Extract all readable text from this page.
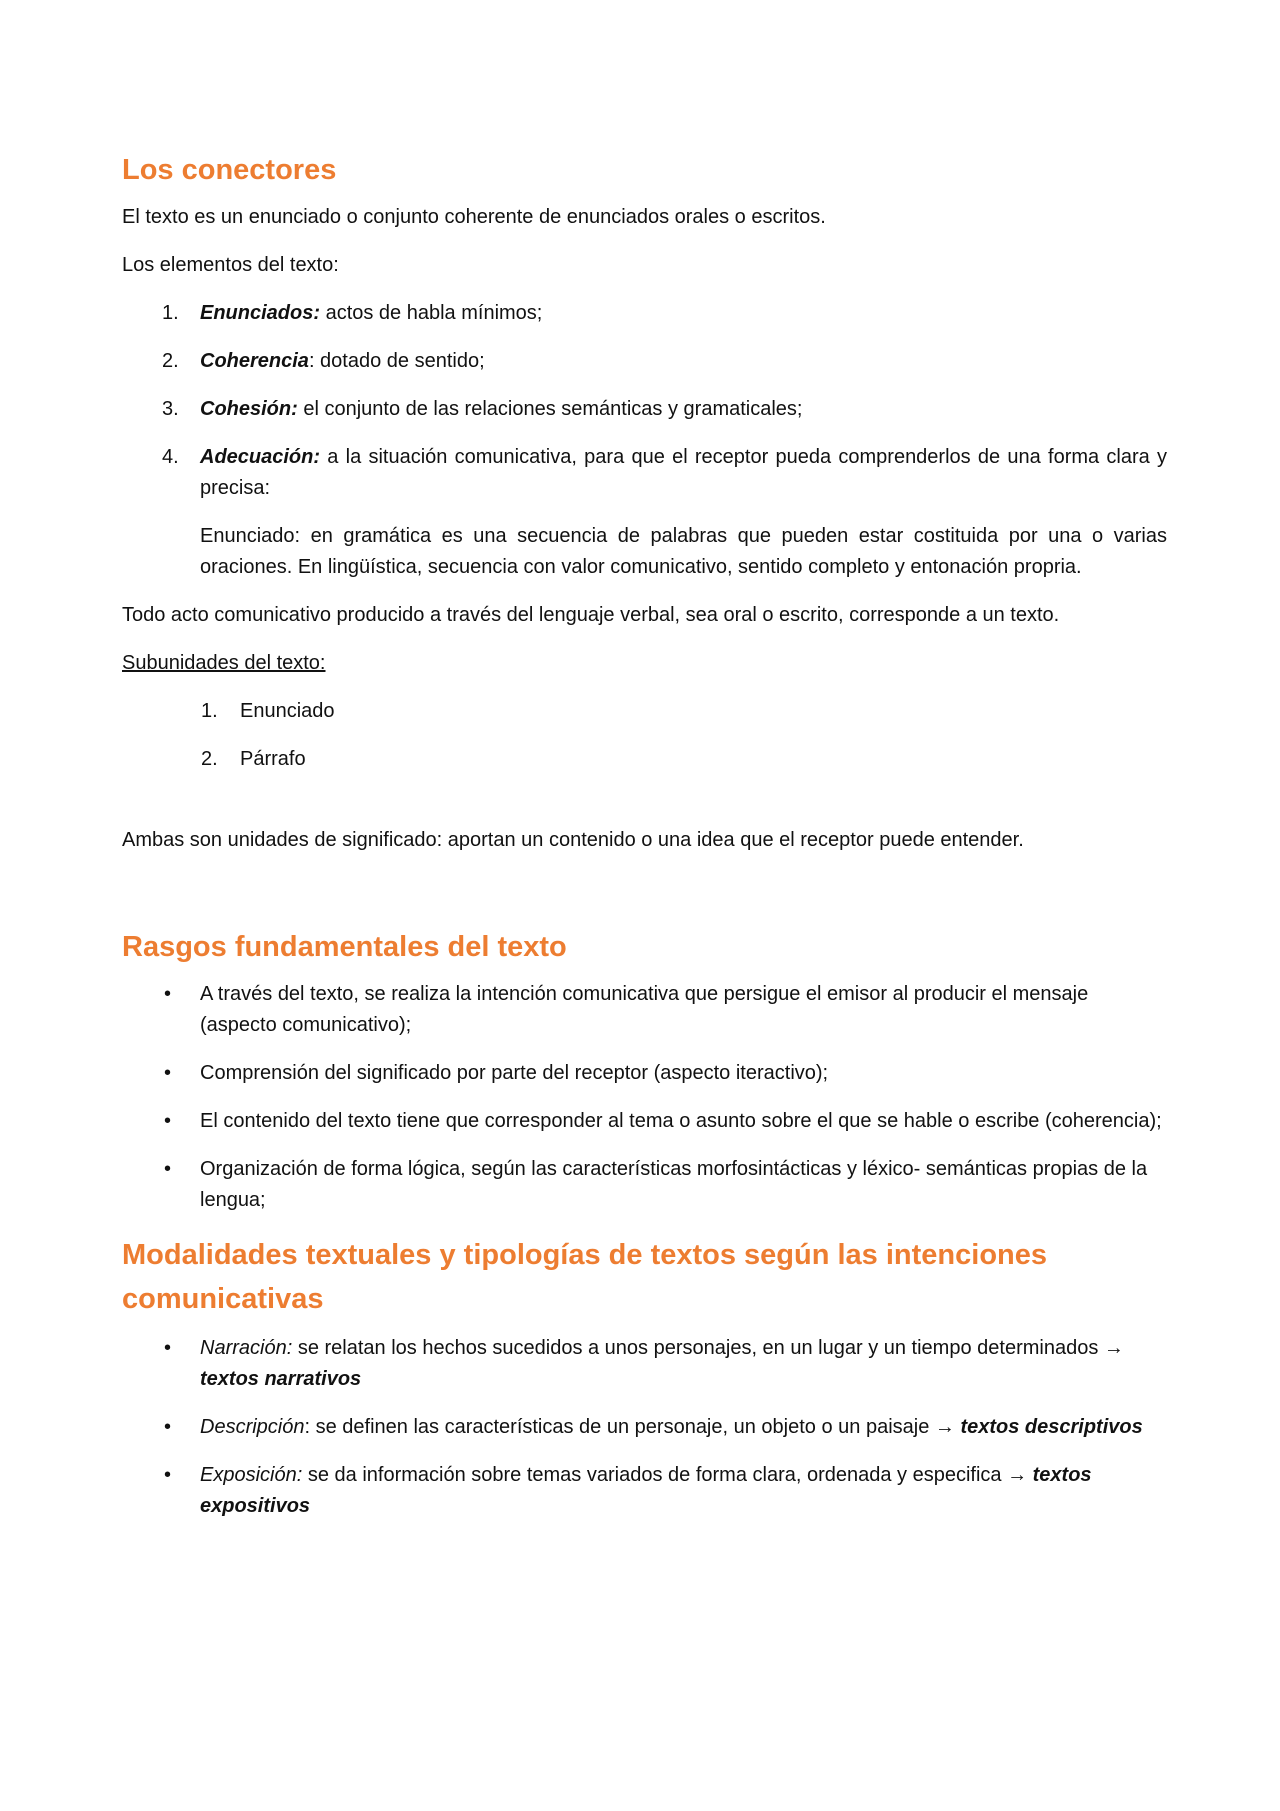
Los conectores

El texto es un enunciado o conjunto coherente de enunciados orales o escritos.

Los elementos del texto:

1. Enunciados: actos de habla mínimos;
2. Coherencia: dotado de sentido;
3. Cohesión: el conjunto de las relaciones semánticas y gramaticales;
4. Adecuación: a la situación comunicativa, para que el receptor pueda comprenderlos de una forma clara y precisa:

Enunciado: en gramática es una secuencia de palabras que pueden estar costituida por una o varias oraciones. En lingüística, secuencia con valor comunicativo, sentido completo y entonación propria.

Todo acto comunicativo producido a través del lenguaje verbal, sea oral o escrito, corresponde a un texto.

Subunidades del texto:

1. Enunciado
2. Párrafo

Ambas son unidades de significado: aportan un contenido o una idea que el receptor puede entender.

Rasgos fundamentales del texto
• A través del texto, se realiza la intención comunicativa que persigue el emisor al producir el mensaje (aspecto comunicativo);
• Comprensión del significado por parte del receptor (aspecto iteractivo);
• El contenido del texto tiene que corresponder al tema o asunto sobre el que se hable o escribe (coherencia);
• Organización de forma lógica, según las características morfosintácticas y léxico- semánticas propias de la lengua;
Modalidades textuales y tipologías de textos según las intenciones comunicativas
• Narración: se relatan los hechos sucedidos a unos personajes, en un lugar y un tiempo determinados → textos narrativos
• Descripción: se definen las características de un personaje, un objeto o un paisaje → textos descriptivos
• Exposición: se da información sobre temas variados de forma clara, ordenada y especifica → textos expositivos
